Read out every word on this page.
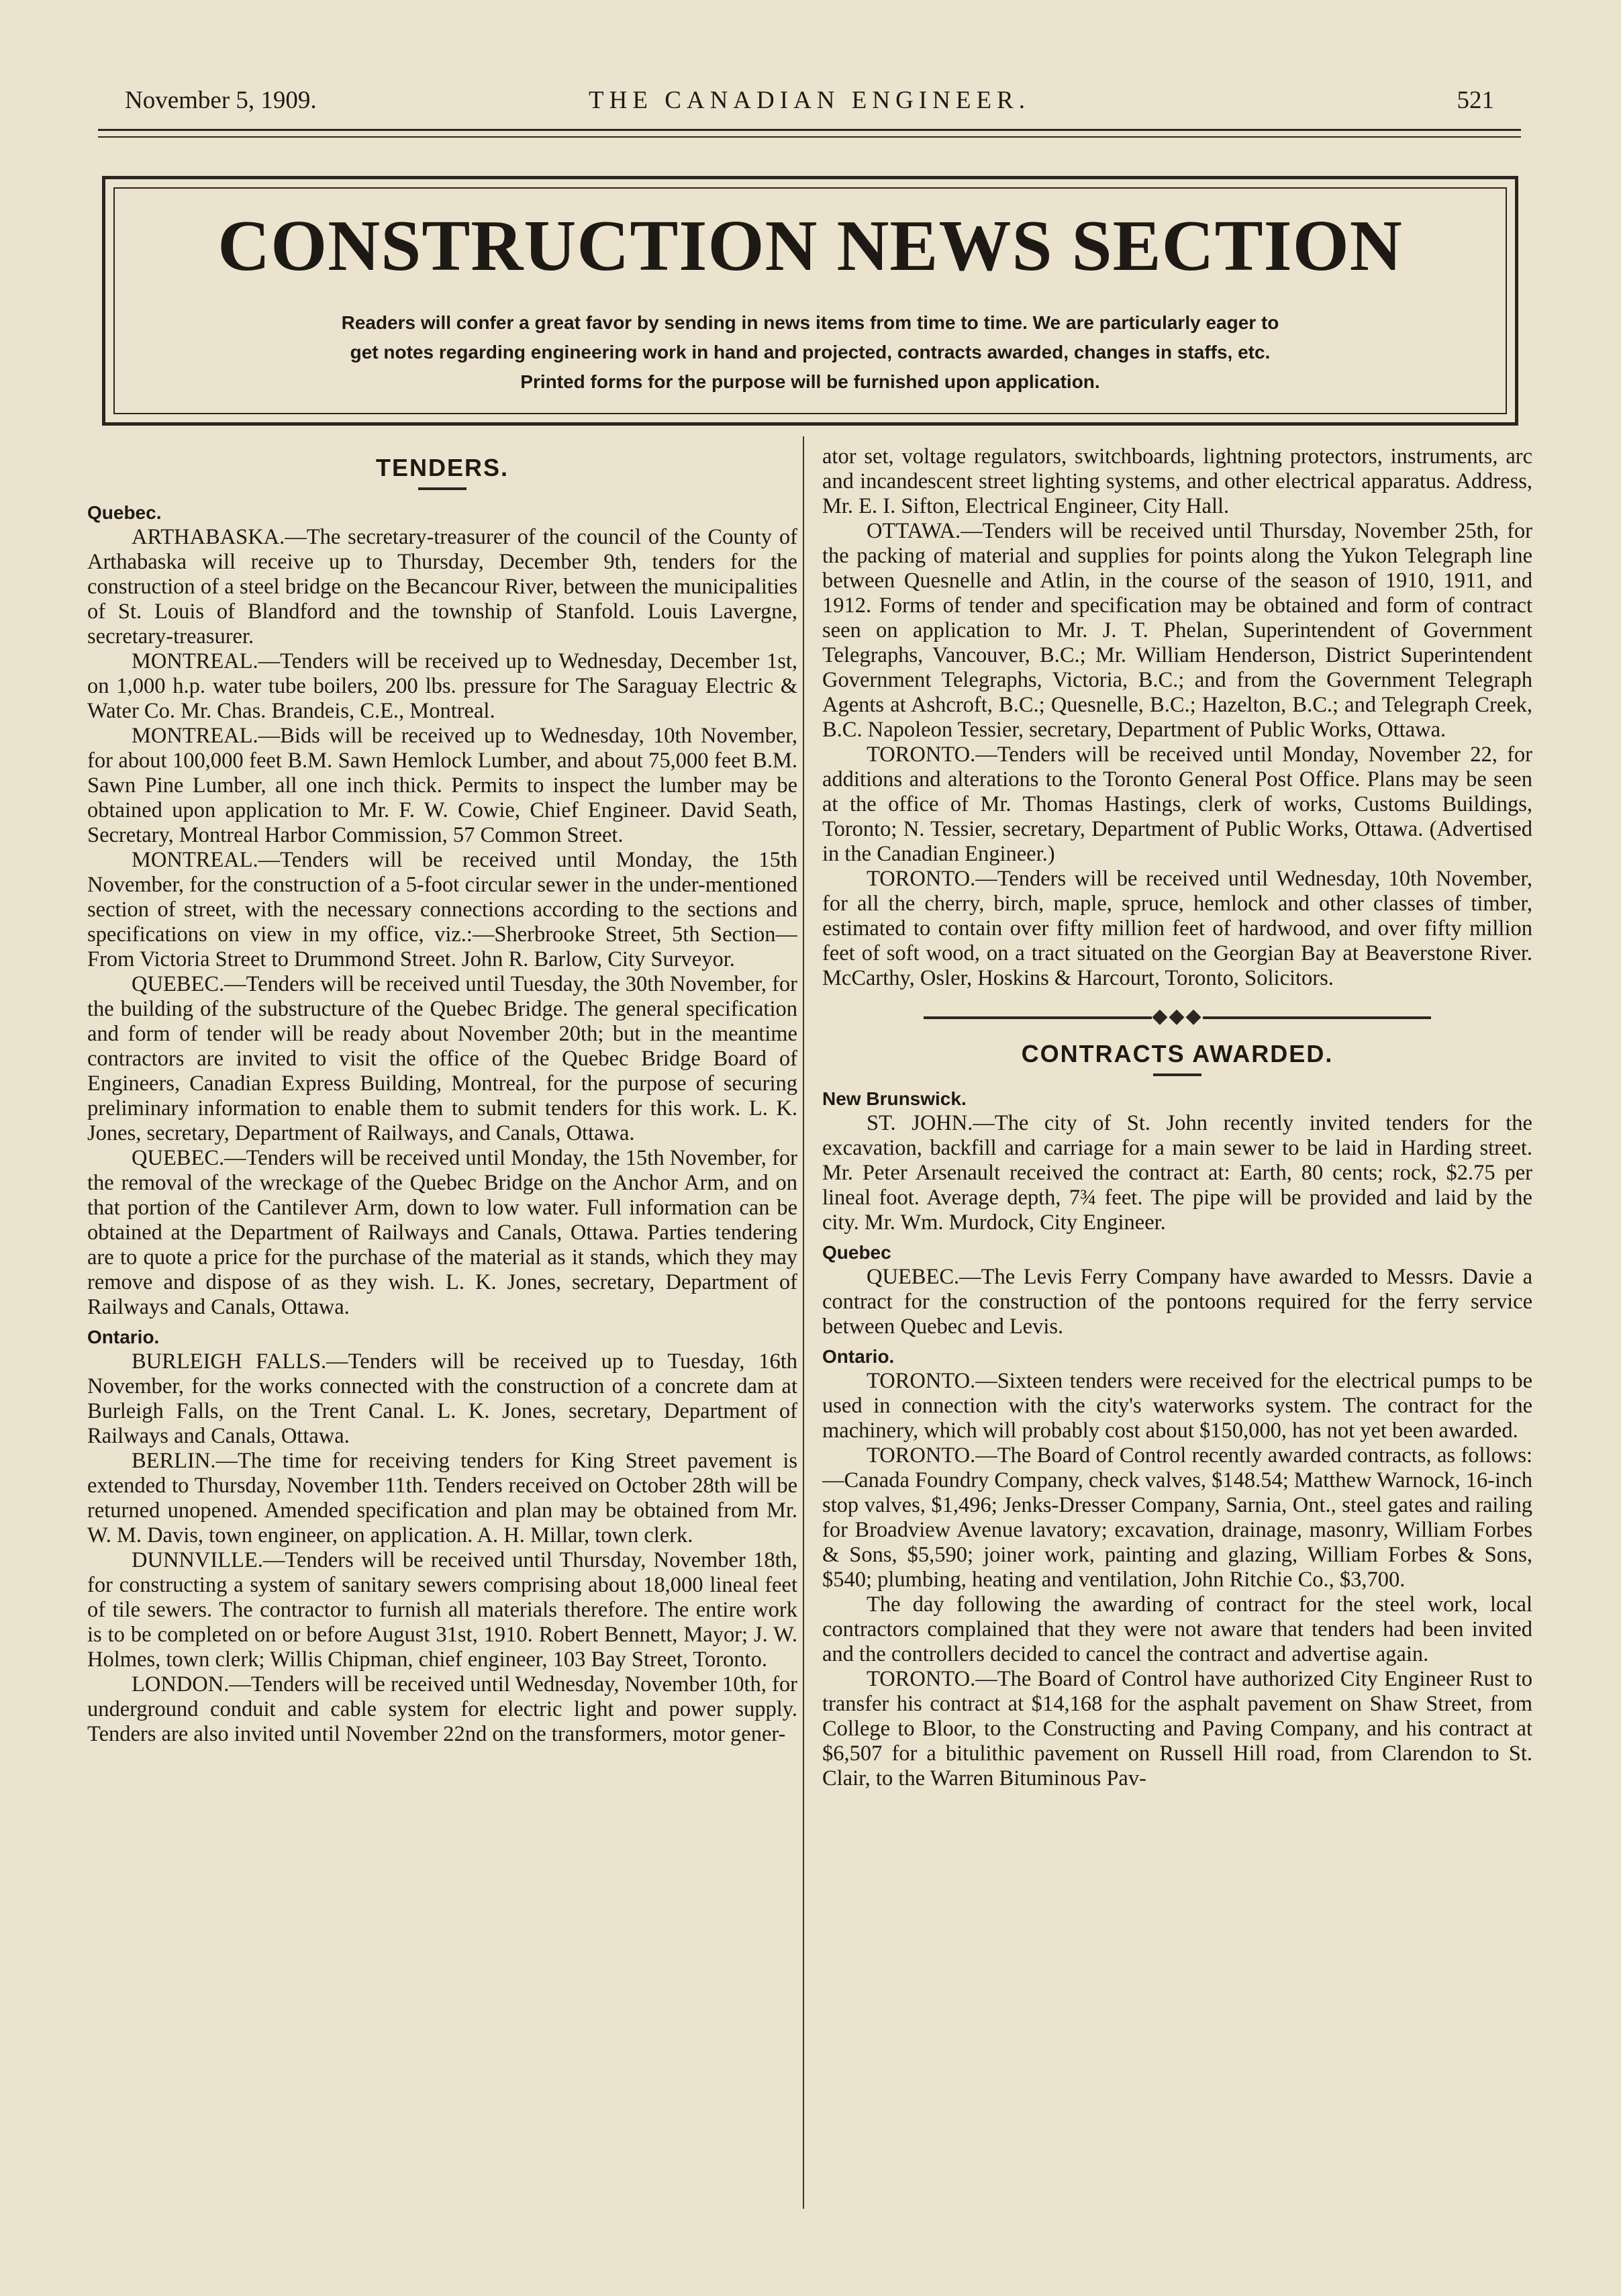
November 5, 1909.	THE CANADIAN ENGINEER.	521
CONSTRUCTION NEWS SECTION
Readers will confer a great favor by sending in news items from time to time. We are particularly eager to
get notes regarding engineering work in hand and projected, contracts awarded, changes in staffs, etc.
Printed forms for the purpose will be furnished upon application.
TENDERS.
Quebec.

ARTHABASKA.—The secretary-treasurer of the council of the County of Arthabaska will receive up to Thursday, December 9th, tenders for the construction of a steel bridge on the Becancour River, between the municipalities of St. Louis of Blandford and the township of Stanfold. Louis Lavergne, secretary-treasurer.

MONTREAL.—Tenders will be received up to Wednesday, December 1st, on 1,000 h.p. water tube boilers, 200 lbs. pressure for The Saraguay Electric & Water Co. Mr. Chas. Brandeis, C.E., Montreal.

MONTREAL.—Bids will be received up to Wednesday, 10th November, for about 100,000 feet B.M. Sawn Hemlock Lumber, and about 75,000 feet B.M. Sawn Pine Lumber, all one inch thick. Permits to inspect the lumber may be obtained upon application to Mr. F. W. Cowie, Chief Engineer. David Seath, Secretary, Montreal Harbor Commission, 57 Common Street.

MONTREAL.—Tenders will be received until Monday, the 15th November, for the construction of a 5-foot circular sewer in the under-mentioned section of street, with the necessary connections according to the sections and specifications on view in my office, viz.:—Sherbrooke Street, 5th Section—From Victoria Street to Drummond Street. John R. Barlow, City Surveyor.

QUEBEC.—Tenders will be received until Tuesday, the 30th November, for the building of the substructure of the Quebec Bridge. The general specification and form of tender will be ready about November 20th; but in the meantime contractors are invited to visit the office of the Quebec Bridge Board of Engineers, Canadian Express Building, Montreal, for the purpose of securing preliminary information to enable them to submit tenders for this work. L. K. Jones, secretary, Department of Railways, and Canals, Ottawa.

QUEBEC.—Tenders will be received until Monday, the 15th November, for the removal of the wreckage of the Quebec Bridge on the Anchor Arm, and on that portion of the Cantilever Arm, down to low water. Full information can be obtained at the Department of Railways and Canals, Ottawa. Parties tendering are to quote a price for the purchase of the material as it stands, which they may remove and dispose of as they wish. L. K. Jones, secretary, Department of Railways and Canals, Ottawa.

Ontario.

BURLEIGH FALLS.—Tenders will be received up to Tuesday, 16th November, for the works connected with the construction of a concrete dam at Burleigh Falls, on the Trent Canal. L. K. Jones, secretary, Department of Railways and Canals, Ottawa.

BERLIN.—The time for receiving tenders for King Street pavement is extended to Thursday, November 11th. Tenders received on October 28th will be returned unopened. Amended specification and plan may be obtained from Mr. W. M. Davis, town engineer, on application. A. H. Millar, town clerk.

DUNNVILLE.—Tenders will be received until Thursday, November 18th, for constructing a system of sanitary sewers comprising about 18,000 lineal feet of tile sewers. The contractor to furnish all materials therefore. The entire work is to be completed on or before August 31st, 1910. Robert Bennett, Mayor; J. W. Holmes, town clerk; Willis Chipman, chief engineer, 103 Bay Street, Toronto.

LONDON.—Tenders will be received until Wednesday, November 10th, for underground conduit and cable system for electric light and power supply. Tenders are also invited until November 22nd on the transformers, motor gener-

ator set, voltage regulators, switchboards, lightning protectors, instruments, arc and incandescent street lighting systems, and other electrical apparatus. Address, Mr. E. I. Sifton, Electrical Engineer, City Hall.

OTTAWA.—Tenders will be received until Thursday, November 25th, for the packing of material and supplies for points along the Yukon Telegraph line between Quesnelle and Atlin, in the course of the season of 1910, 1911, and 1912. Forms of tender and specification may be obtained and form of contract seen on application to Mr. J. T. Phelan, Superintendent of Government Telegraphs, Vancouver, B.C.; Mr. William Henderson, District Superintendent Government Telegraphs, Victoria, B.C.; and from the Government Telegraph Agents at Ashcroft, B.C.; Quesnelle, B.C.; Hazelton, B.C.; and Telegraph Creek, B.C. Napoleon Tessier, secretary, Department of Public Works, Ottawa.

TORONTO.—Tenders will be received until Monday, November 22, for additions and alterations to the Toronto General Post Office. Plans may be seen at the office of Mr. Thomas Hastings, clerk of works, Customs Buildings, Toronto; N. Tessier, secretary, Department of Public Works, Ottawa. (Advertised in the Canadian Engineer.)

TORONTO.—Tenders will be received until Wednesday, 10th November, for all the cherry, birch, maple, spruce, hemlock and other classes of timber, estimated to contain over fifty million feet of hardwood, and over fifty million feet of soft wood, on a tract situated on the Georgian Bay at Beaverstone River. McCarthy, Osler, Hoskins & Harcourt, Toronto, Solicitors.

◆◆◆
CONTRACTS AWARDED.
New Brunswick.

ST. JOHN.—The city of St. John recently invited tenders for the excavation, backfill and carriage for a main sewer to be laid in Harding street. Mr. Peter Arsenault received the contract at: Earth, 80 cents; rock, $2.75 per lineal foot. Average depth, 7¾ feet. The pipe will be provided and laid by the city. Mr. Wm. Murdock, City Engineer.

Quebec

QUEBEC.—The Levis Ferry Company have awarded to Messrs. Davie a contract for the construction of the pontoons required for the ferry service between Quebec and Levis.

Ontario.

TORONTO.—Sixteen tenders were received for the electrical pumps to be used in connection with the city's waterworks system. The contract for the machinery, which will probably cost about $150,000, has not yet been awarded.

TORONTO.—The Board of Control recently awarded contracts, as follows:—Canada Foundry Company, check valves, $148.54; Matthew Warnock, 16-inch stop valves, $1,496; Jenks-Dresser Company, Sarnia, Ont., steel gates and railing for Broadview Avenue lavatory; excavation, drainage, masonry, William Forbes & Sons, $5,590; joiner work, painting and glazing, William Forbes & Sons, $540; plumbing, heating and ventilation, John Ritchie Co., $3,700.

The day following the awarding of contract for the steel work, local contractors complained that they were not aware that tenders had been invited and the controllers decided to cancel the contract and advertise again.

TORONTO.—The Board of Control have authorized City Engineer Rust to transfer his contract at $14,168 for the asphalt pavement on Shaw Street, from College to Bloor, to the Constructing and Paving Company, and his contract at $6,507 for a bitulithic pavement on Russell Hill road, from Clarendon to St. Clair, to the Warren Bituminous Pav-
